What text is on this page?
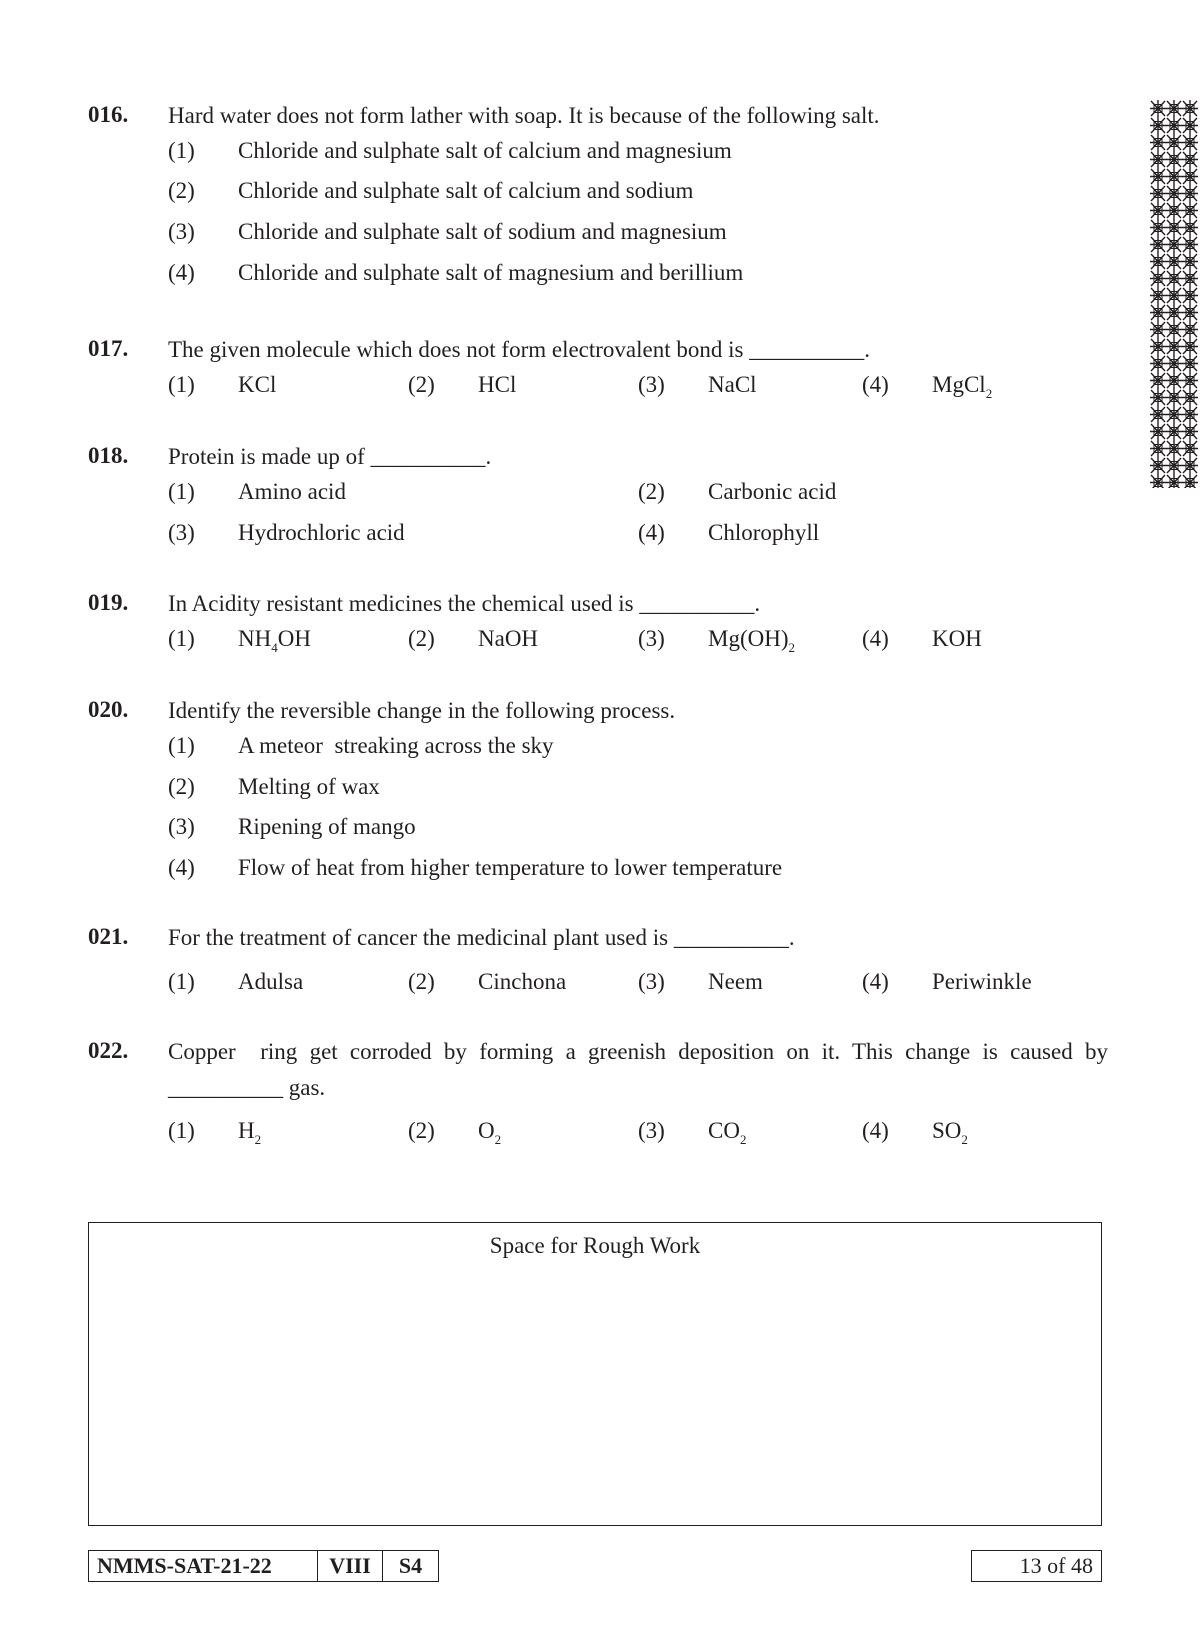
016. Hard water does not form lather with soap. It is because of the following salt.
(1) Chloride and sulphate salt of calcium and magnesium
(2) Chloride and sulphate salt of calcium and sodium
(3) Chloride and sulphate salt of sodium and magnesium
(4) Chloride and sulphate salt of magnesium and berillium
017. The given molecule which does not form electrovalent bond is __________.
(1) KCl	(2) HCl	(3) NaCl	(4) MgCl$_2$
018. Protein is made up of __________.
(1) Amino acid	(2) Carbonic acid
(3) Hydrochloric acid	(4) Chlorophyll
019. In Acidity resistant medicines the chemical used is __________.
(1) $NH_4OH$	(2) NaOH	(3) $Mg(OH)_2$	(4) KOH
020. Identify the reversible change in the following process.
(1) A meteor  streaking across the sky
(2) Melting of wax
(3) Ripening of mango
(4) Flow of heat from higher temperature to lower temperature
021. For the treatment of cancer the medicinal plant used is __________.
(1) Adulsa	(2) Cinchona	(3) Neem	(4) Periwinkle
022. Copper  ring get corroded by forming a greenish deposition on it. This change is caused by __________ gas.
(1) $H_2$	(2) $O_2$	(3) $CO_2$	(4) $SO_2$
Space for Rough Work
NMMS-SAT-21-22	VIII	S4	13 of 48
